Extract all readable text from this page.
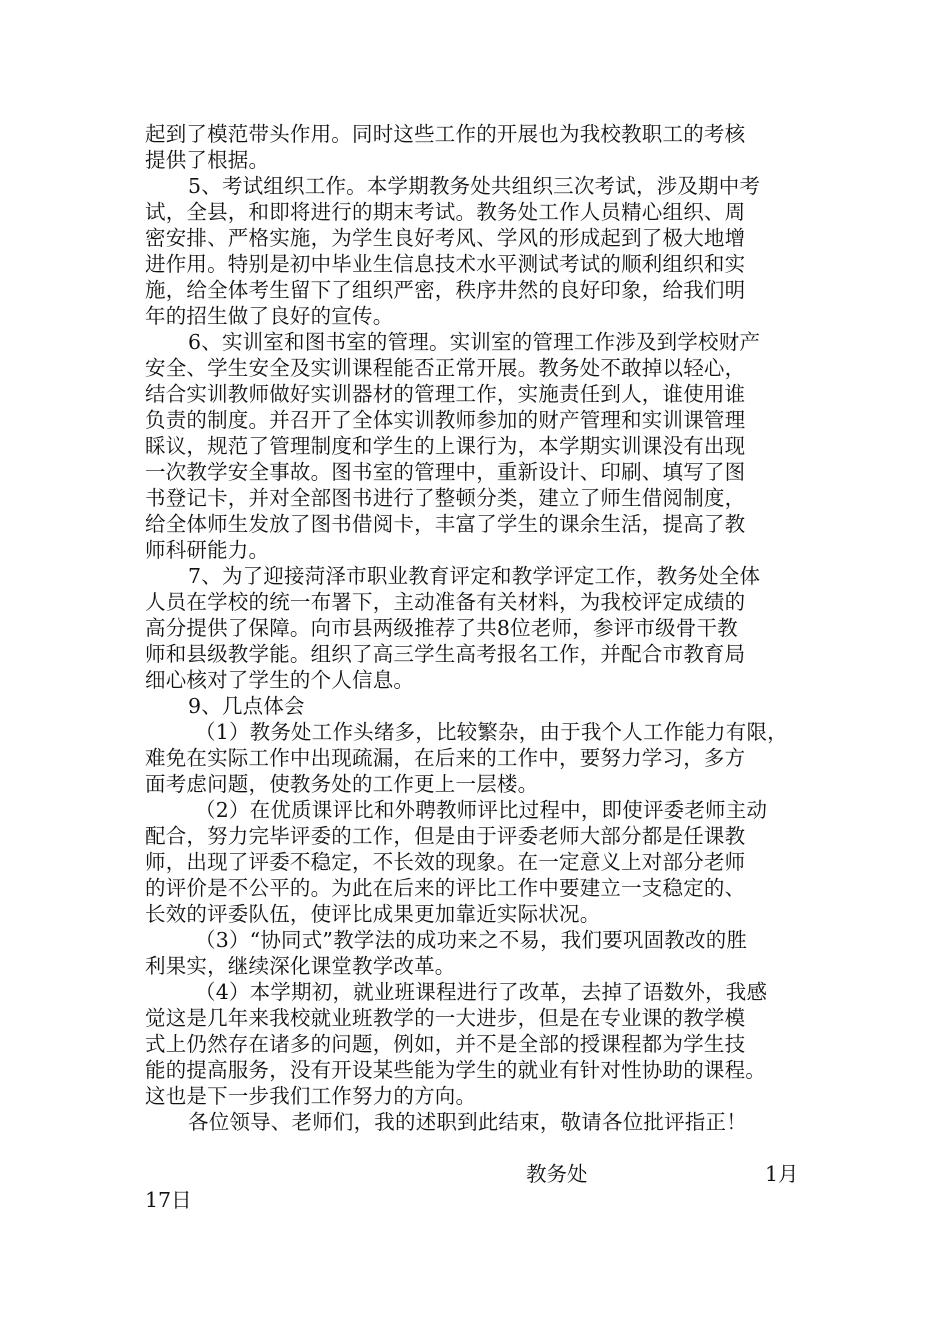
起到了模范带头作用。同时这些工作的开展也为我校教职工的考核
提供了根据。
5、考试组织工作。本学期教务处共组织三次考试，涉及期中考
试，全县，和即将进行的期末考试。教务处工作人员精心组织、周
密安排、严格实施，为学生良好考风、学风的形成起到了极大地增
进作用。特别是初中毕业生信息技术水平测试考试的顺利组织和实
施，给全体考生留下了组织严密，秩序井然的良好印象，给我们明
年的招生做了良好的宣传。
6、实训室和图书室的管理。实训室的管理工作涉及到学校财产
安全、学生安全及实训课程能否正常开展。教务处不敢掉以轻心，
结合实训教师做好实训器材的管理工作，实施责任到人，谁使用谁
负责的制度。并召开了全体实训教师参加的财产管理和实训课管理
睬议，规范了管理制度和学生的上课行为，本学期实训课没有出现
一次教学安全事故。图书室的管理中，重新设计、印刷、填写了图
书登记卡，并对全部图书进行了整顿分类，建立了师生借阅制度，
给全体师生发放了图书借阅卡，丰富了学生的课余生活，提高了教
师科研能力。
7、为了迎接菏泽市职业教育评定和教学评定工作，教务处全体
人员在学校的统一布署下，主动准备有关材料，为我校评定成绩的
高分提供了保障。向市县两级推荐了共8位老师，参评市级骨干教
师和县级教学能。组织了高三学生高考报名工作，并配合市教育局
细心核对了学生的个人信息。
9、几点体会
（1）教务处工作头绪多，比较繁杂，由于我个人工作能力有限，
难免在实际工作中出现疏漏，在后来的工作中，要努力学习，多方
面考虑问题，使教务处的工作更上一层楼。
（2）在优质课评比和外聘教师评比过程中，即使评委老师主动
配合，努力完毕评委的工作，但是由于评委老师大部分都是任课教
师，出现了评委不稳定，不长效的现象。在一定意义上对部分老师
的评价是不公平的。为此在后来的评比工作中要建立一支稳定的、
长效的评委队伍，使评比成果更加靠近实际状况。
（3）“协同式”教学法的成功来之不易，我们要巩固教改的胜
利果实，继续深化课堂教学改革。
（4）本学期初，就业班课程进行了改革，去掉了语数外，我感
觉这是几年来我校就业班教学的一大进步，但是在专业课的教学模
式上仍然存在诸多的问题，例如，并不是全部的授课程都为学生技
能的提高服务，没有开设某些能为学生的就业有针对性协助的课程。
这也是下一步我们工作努力的方向。
各位领导、老师们，我的述职到此结束，敬请各位批评指正！
教务处	1月
17日
